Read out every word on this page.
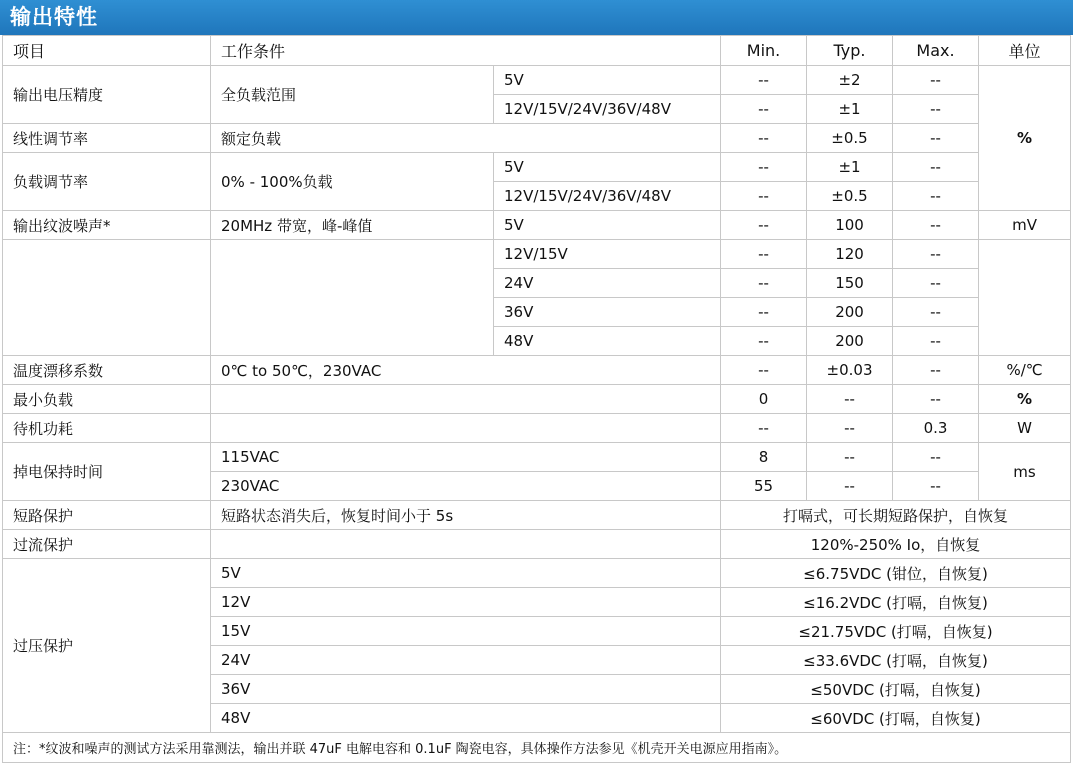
输出特性
项目	工作条件		Min.	Typ.	Max.	单位
输出电压精度	全负载范围	5V	--	±2	--	%
		12V/15V/24V/36V/48V	--	±1	--	
线性调节率	额定负载		--	±0.5	--	
负载调节率	0% - 100%负载	5V	--	±1	--	
		12V/15V/24V/36V/48V	--	±0.5	--	
输出纹波噪声*	20MHz 带宽，峰-峰值	5V	--	100	--	mV
		12V/15V	--	120	--	
		24V	--	150	--	
		36V	--	200	--	
		48V	--	200	--	
温度漂移系数	0℃ to 50℃，230VAC		--	±0.03	--	%/℃
最小负载			0	--	--	%
待机功耗			--	--	0.3	W
掉电保持时间	115VAC		8	--	--	ms
	230VAC		55	--	--	
短路保护	短路状态消失后，恢复时间小于 5s		打嗝式，可长期短路保护，自恢复			
过流保护			120%-250% Io，自恢复			
过压保护	5V		≤6.75VDC (钳位，自恢复)			
	12V		≤16.2VDC (打嗝，自恢复)			
	15V		≤21.75VDC (打嗝，自恢复)			
	24V		≤33.6VDC (打嗝，自恢复)			
	36V		≤50VDC (打嗝，自恢复)			
	48V		≤60VDC (打嗝，自恢复)			
注：*纹波和噪声的测试方法采用靠测法，输出并联 47uF 电解电容和 0.1uF 陶瓷电容，具体操作方法参见《机壳开关电源应用指南》。						
